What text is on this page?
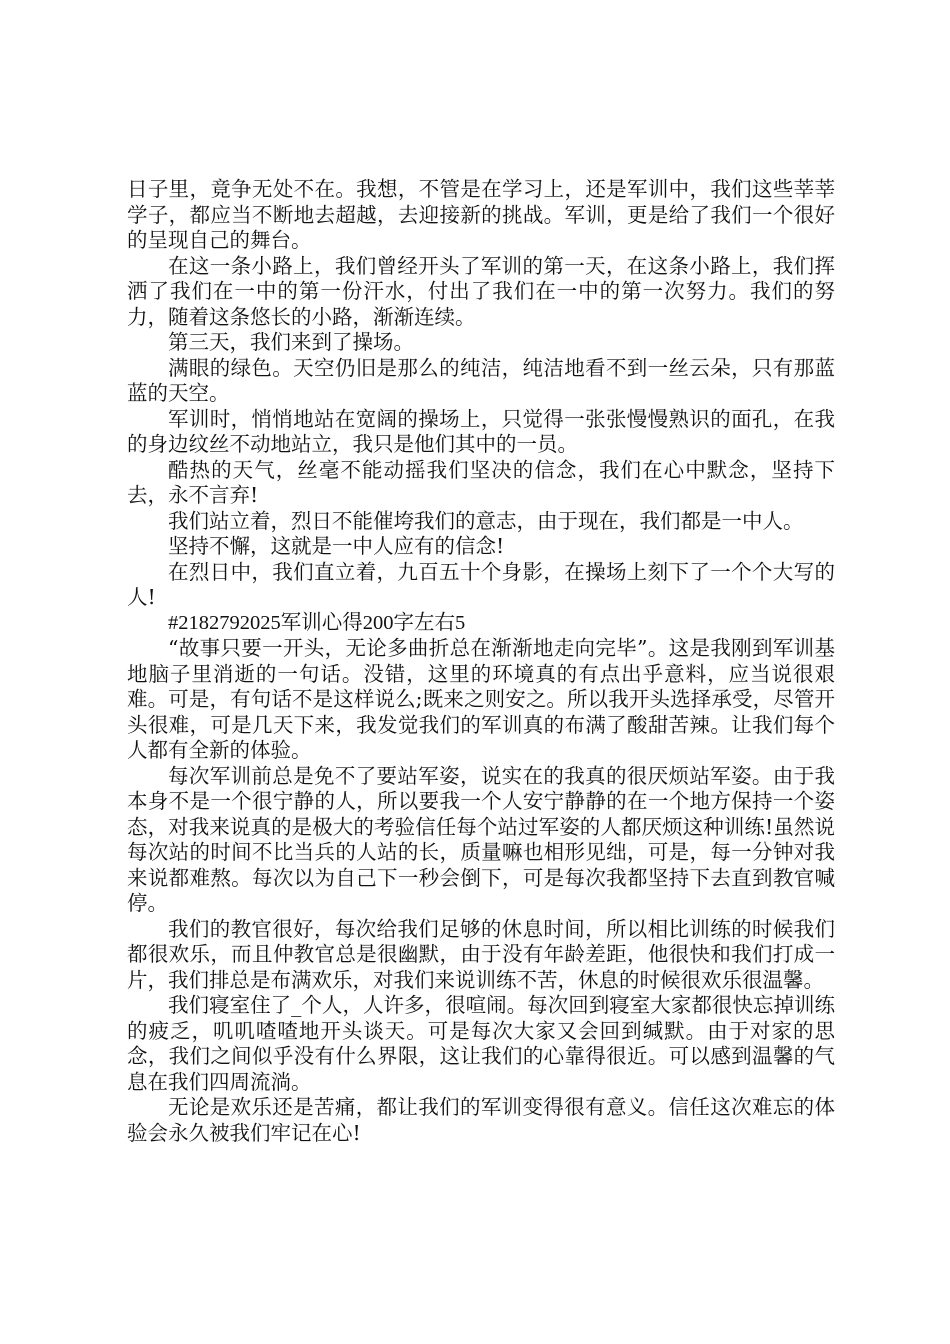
日子里，竟争无处不在。我想，不管是在学习上，还是军训中，我们这些莘莘学子，都应当不断地去超越，去迎接新的挑战。军训，更是给了我们一个很好的呈现自己的舞台。

在这一条小路上，我们曾经开头了军训的第一天，在这条小路上，我们挥洒了我们在一中的第一份汗水，付出了我们在一中的第一次努力。我们的努力，随着这条悠长的小路，渐渐连续。

第三天，我们来到了操场。

满眼的绿色。天空仍旧是那么的纯洁，纯洁地看不到一丝云朵，只有那蓝蓝的天空。

军训时，悄悄地站在宽阔的操场上，只觉得一张张慢慢熟识的面孔，在我的身边纹丝不动地站立，我只是他们其中的一员。

酷热的天气，丝毫不能动摇我们坚决的信念，我们在心中默念，坚持下去，永不言弃!

我们站立着，烈日不能催垮我们的意志，由于现在，我们都是一中人。

坚持不懈，这就是一中人应有的信念!

在烈日中，我们直立着，九百五十个身影，在操场上刻下了一个个大写的人!

#2182792025军训心得200字左右5

“故事只要一开头，无论多曲折总在渐渐地走向完毕”。这是我刚到军训基地脑子里消逝的一句话。没错，这里的环境真的有点出乎意料，应当说很艰难。可是，有句话不是这样说么;既来之则安之。所以我开头选择承受，尽管开头很难，可是几天下来，我发觉我们的军训真的布满了酸甜苦辣。让我们每个人都有全新的体验。

每次军训前总是免不了要站军姿，说实在的我真的很厌烦站军姿。由于我本身不是一个很宁静的人，所以要我一个人安宁静静的在一个地方保持一个姿态，对我来说真的是极大的考验信任每个站过军姿的人都厌烦这种训练!虽然说每次站的时间不比当兵的人站的长，质量嘛也相形见绌，可是，每一分钟对我来说都难熬。每次以为自己下一秒会倒下，可是每次我都坚持下去直到教官喊停。

我们的教官很好，每次给我们足够的休息时间，所以相比训练的时候我们都很欢乐，而且仲教官总是很幽默，由于没有年龄差距，他很快和我们打成一片，我们排总是布满欢乐，对我们来说训练不苦，休息的时候很欢乐很温馨。

我们寝室住了_个人，人许多，很喧闹。每次回到寝室大家都很快忘掉训练的疲乏，叽叽喳喳地开头谈天。可是每次大家又会回到缄默。由于对家的思念，我们之间似乎没有什么界限，这让我们的心靠得很近。可以感到温馨的气息在我们四周流淌。

无论是欢乐还是苦痛，都让我们的军训变得很有意义。信任这次难忘的体验会永久被我们牢记在心!
